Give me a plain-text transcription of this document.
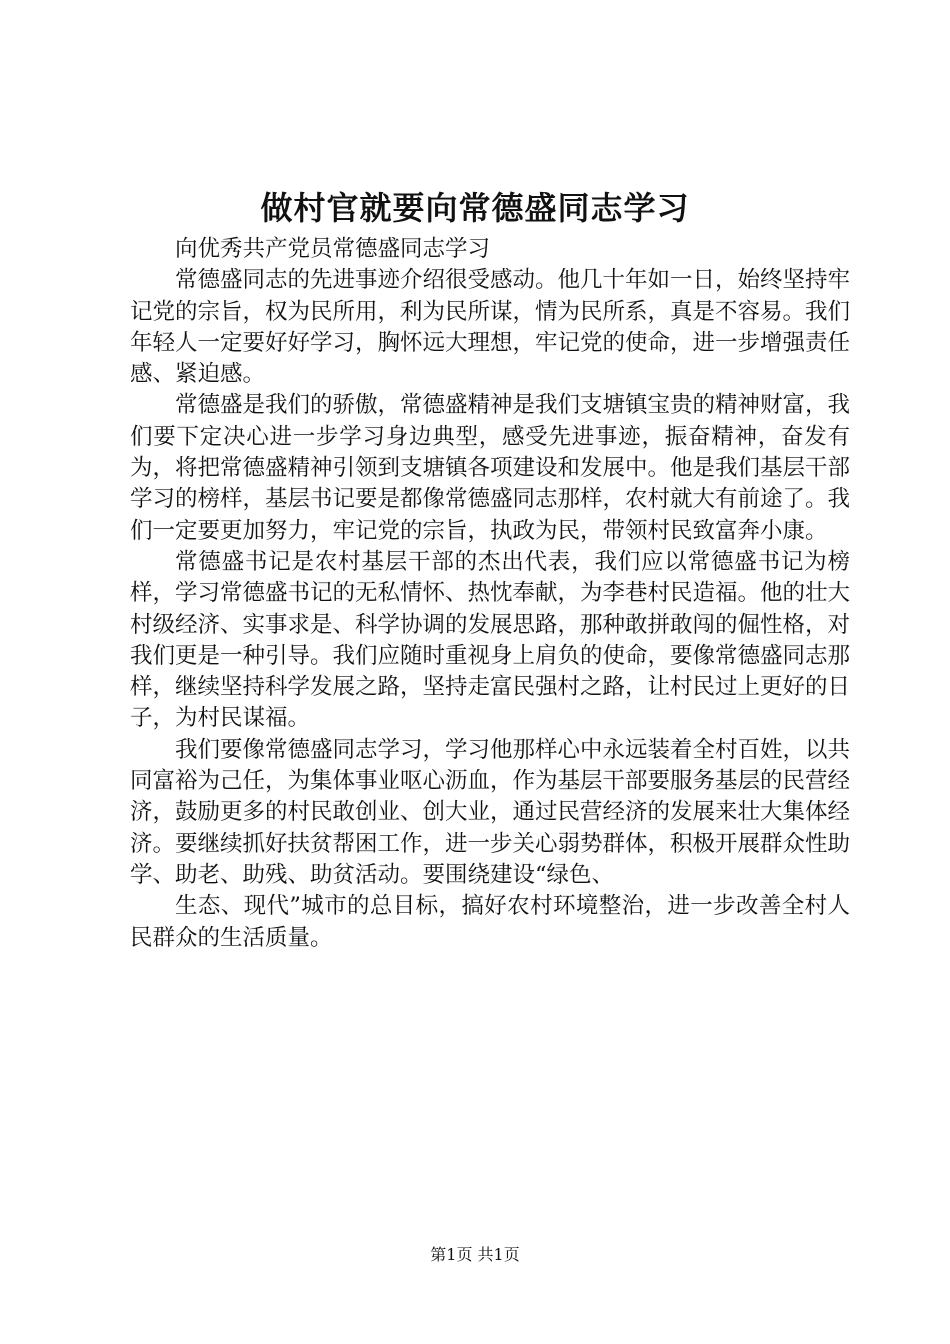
做村官就要向常德盛同志学习

向优秀共产党员常德盛同志学习

常德盛同志的先进事迹介绍很受感动。他几十年如一日，始终坚持牢记党的宗旨，权为民所用，利为民所谋，情为民所系，真是不容易。我们年轻人一定要好好学习，胸怀远大理想，牢记党的使命，进一步增强责任感、紧迫感。

常德盛是我们的骄傲，常德盛精神是我们支塘镇宝贵的精神财富，我们要下定决心进一步学习身边典型，感受先进事迹，振奋精神，奋发有为，将把常德盛精神引领到支塘镇各项建设和发展中。他是我们基层干部学习的榜样，基层书记要是都像常德盛同志那样，农村就大有前途了。我们一定要更加努力，牢记党的宗旨，执政为民，带领村民致富奔小康。

常德盛书记是农村基层干部的杰出代表，我们应以常德盛书记为榜样，学习常德盛书记的无私情怀、热忱奉献，为李巷村民造福。他的壮大村级经济、实事求是、科学协调的发展思路，那种敢拼敢闯的倔性格，对我们更是一种引导。我们应随时重视身上肩负的使命，要像常德盛同志那样，继续坚持科学发展之路，坚持走富民强村之路，让村民过上更好的日子，为村民谋福。

我们要像常德盛同志学习，学习他那样心中永远装着全村百姓，以共同富裕为己任，为集体事业呕心沥血，作为基层干部要服务基层的民营经济，鼓励更多的村民敢创业、创大业，通过民营经济的发展来壮大集体经济。要继续抓好扶贫帮困工作，进一步关心弱势群体，积极开展群众性助学、助老、助残、助贫活动。要围绕建设“绿色、

生态、现代”城市的总目标，搞好农村环境整治，进一步改善全村人民群众的生活质量。

第1页 共1页
